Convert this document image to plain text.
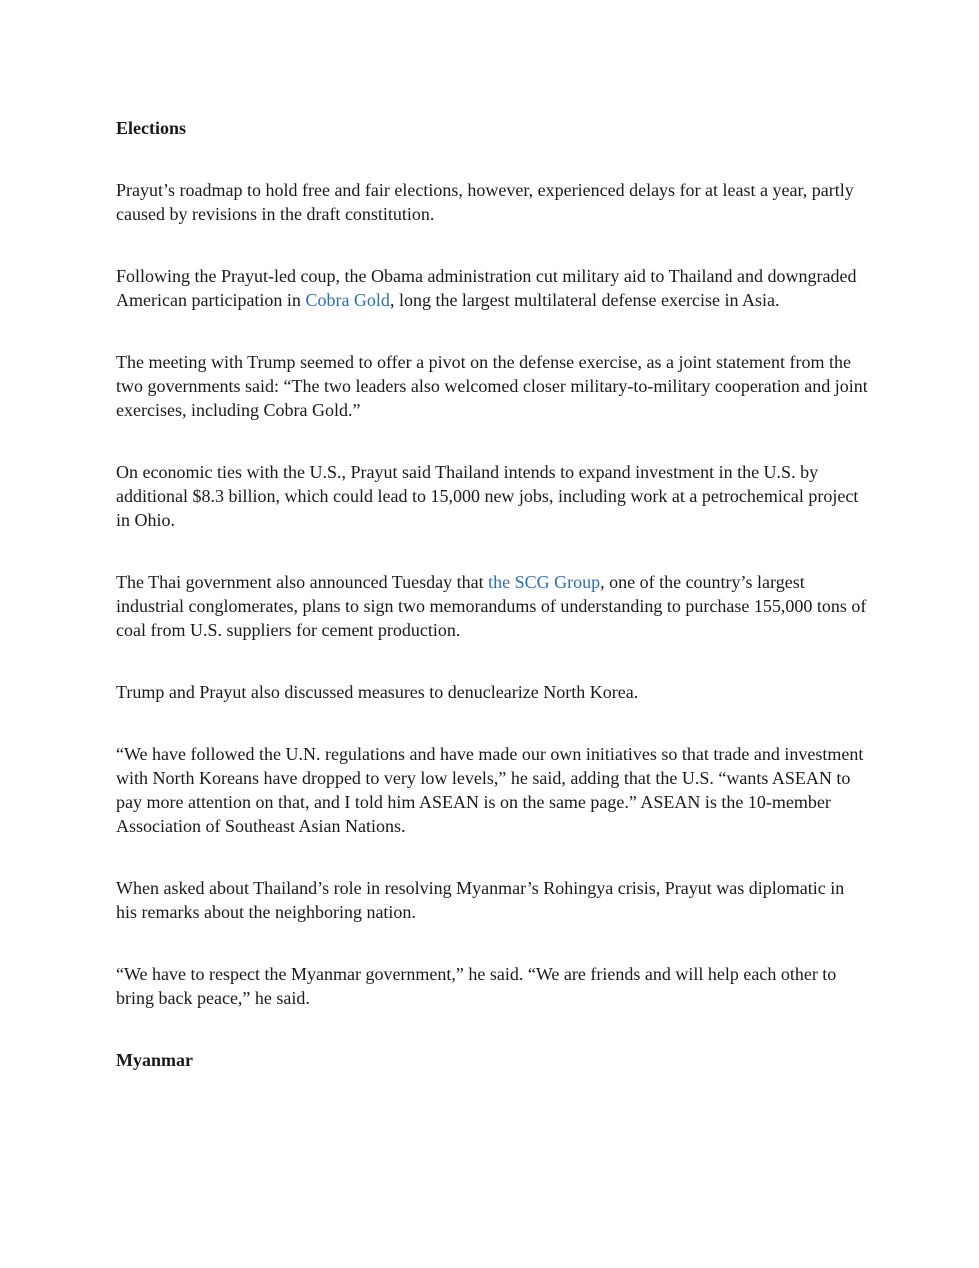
Elections

Prayut’s roadmap to hold free and fair elections, however, experienced delays for at least a year, partly caused by revisions in the draft constitution.

Following the Prayut-led coup, the Obama administration cut military aid to Thailand and downgraded American participation in Cobra Gold, long the largest multilateral defense exercise in Asia.

The meeting with Trump seemed to offer a pivot on the defense exercise, as a joint statement from the two governments said: “The two leaders also welcomed closer military-to-military cooperation and joint exercises, including Cobra Gold.”

On economic ties with the U.S., Prayut said Thailand intends to expand investment in the U.S. by additional $8.3 billion, which could lead to 15,000 new jobs, including work at a petrochemical project in Ohio.

The Thai government also announced Tuesday that the SCG Group, one of the country’s largest industrial conglomerates, plans to sign two memorandums of understanding to purchase 155,000 tons of coal from U.S. suppliers for cement production.

Trump and Prayut also discussed measures to denuclearize North Korea.

“We have followed the U.N. regulations and have made our own initiatives so that trade and investment with North Koreans have dropped to very low levels,” he said, adding that the U.S. “wants ASEAN to pay more attention on that, and I told him ASEAN is on the same page.” ASEAN is the 10-member Association of Southeast Asian Nations.

When asked about Thailand’s role in resolving Myanmar’s Rohingya crisis, Prayut was diplomatic in his remarks about the neighboring nation.

“We have to respect the Myanmar government,” he said. “We are friends and will help each other to bring back peace,” he said.

Myanmar
